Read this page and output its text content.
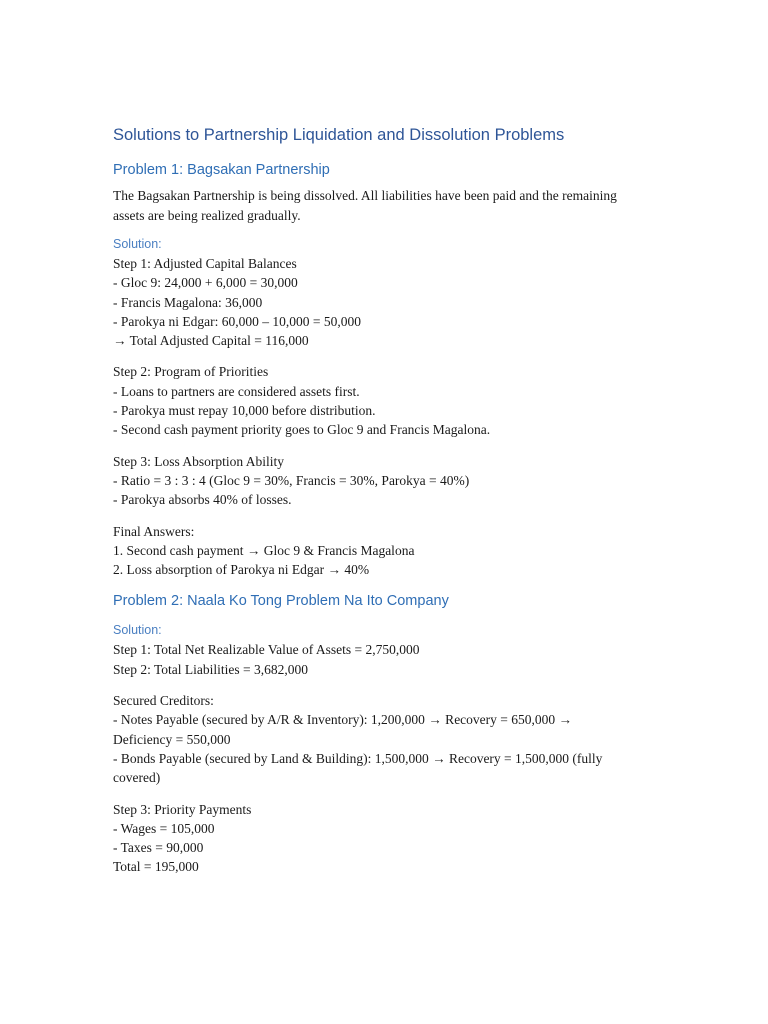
Solutions to Partnership Liquidation and Dissolution Problems
Problem 1: Bagsakan Partnership

The Bagsakan Partnership is being dissolved. All liabilities have been paid and the remaining assets are being realized gradually.

Solution:
Step 1: Adjusted Capital Balances
- Gloc 9: 24,000 + 6,000 = 30,000
- Francis Magalona: 36,000
- Parokya ni Edgar: 60,000 – 10,000 = 50,000
→ Total Adjusted Capital = 116,000
Step 2: Program of Priorities
- Loans to partners are considered assets first.
- Parokya must repay 10,000 before distribution.
- Second cash payment priority goes to Gloc 9 and Francis Magalona.
Step 3: Loss Absorption Ability
- Ratio = 3 : 3 : 4 (Gloc 9 = 30%, Francis = 30%, Parokya = 40%)
- Parokya absorbs 40% of losses.
Final Answers:
1. Second cash payment → Gloc 9 & Francis Magalona
2. Loss absorption of Parokya ni Edgar → 40%
Problem 2: Naala Ko Tong Problem Na Ito Company
Solution:
Step 1: Total Net Realizable Value of Assets = 2,750,000
Step 2: Total Liabilities = 3,682,000
Secured Creditors:
- Notes Payable (secured by A/R & Inventory): 1,200,000 → Recovery = 650,000 →
Deficiency = 550,000
- Bonds Payable (secured by Land & Building): 1,500,000 → Recovery = 1,500,000 (fully
covered)
Step 3: Priority Payments
- Wages = 105,000
- Taxes = 90,000
Total = 195,000
